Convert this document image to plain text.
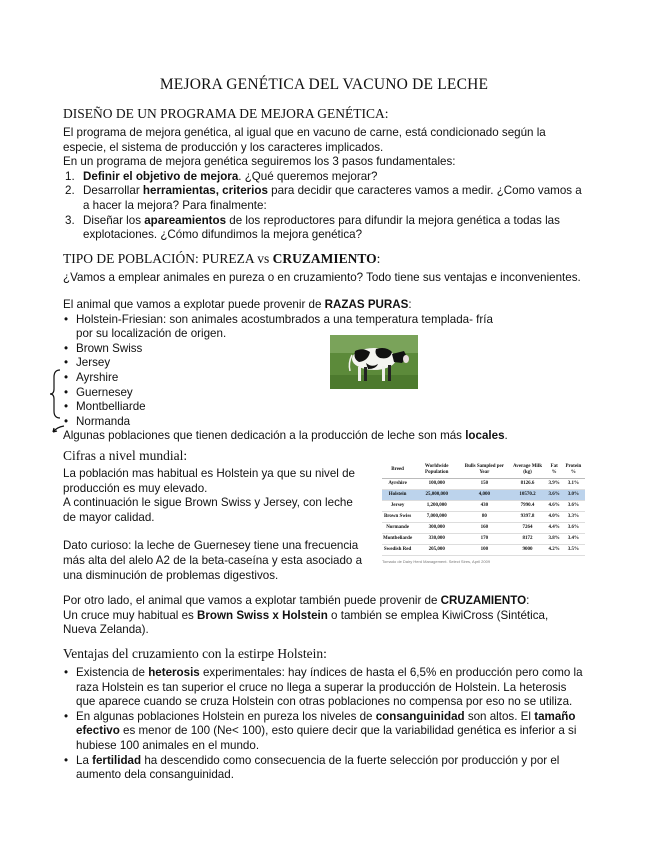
MEJORA GENÉTICA DEL VACUNO DE LECHE
DISEÑO DE UN PROGRAMA DE MEJORA GENÉTICA:

El programa de mejora genética, al igual que en vacuno de carne, está condicionado según la especie, el sistema de producción y los caracteres implicados.

En un programa de mejora genética seguiremos los 3 pasos fundamentales:

1. Definir el objetivo de mejora. ¿Qué queremos mejorar?
2. Desarrollar herramientas, criterios para decidir que caracteres vamos a medir. ¿Como vamos a a hacer la mejora? Para finalmente:
3. Diseñar los apareamientos de los reproductores para difundir la mejora genética a todas las explotaciones. ¿Cómo difundimos la mejora genética?
TIPO DE POBLACIÓN: PUREZA vs CRUZAMIENTO:
¿Vamos a emplear animales en pureza o en cruzamiento? Todo tiene sus ventajas e inconvenientes.

El animal que vamos a explotar puede provenir de RAZAS PURAS:

• Holstein-Friesian: son animales acostumbrados a una temperatura templada- fría por su localización de origen.
• Brown Swiss
• Jersey
• Ayrshire
• Guernesey
• Montbelliarde
• Normanda

Algunas poblaciones que tienen dedicación a la producción de leche son más locales.

Cifras a nivel mundial:

La población mas habitual es Holstein ya que su nivel de producción es muy elevado.

A continuación le sigue Brown Swiss y Jersey, con leche de mayor calidad.

Dato curioso: la leche de Guernesey tiene una frecuencia más alta del alelo A2 de la beta-caseína y esta asociado a una disminución de problemas digestivos.

Breed	Worldwide Population	Bulls Sampled per Year	Average Milk (kg)	Fat %	Protein %
Ayrshire	100,000	150	8126.6	3.9%	3.1%
Holstein	25,000,000	4,000	10570.2	3.6%	3.0%
Jersey	1,200,000	430	7990.4	4.6%	3.6%
Brown Swiss	7,000,000	80	9397.8	4.0%	3.3%
Normande	300,000	160	7264	4.4%	3.6%
Montbeliarde	330,000	170	8172	3.8%	3.4%
Swedish Red	205,000	100	9000	4.2%	3.5%
Tomado de Dairy Herd Management. Select Sires, April 2009

Por otro lado, el animal que vamos a explotar también puede provenir de CRUZAMIENTO:

Un cruce muy habitual es Brown Swiss x Holstein o también se emplea KiwiCross (Sintética, Nueva Zelanda).

Ventajas del cruzamiento con la estirpe Holstein:
• Existencia de heterosis experimentales: hay índices de hasta el 6,5% en producción pero como la raza Holstein es tan superior el cruce no llega a superar la producción de Holstein. La heterosis que aparece cuando se cruza Holstein con otras poblaciones no compensa por eso no se utiliza.
• En algunas poblaciones Holstein en pureza los niveles de consanguinidad son altos. El tamaño efectivo es menor de 100 (Ne< 100), esto quiere decir que la variabilidad genética es inferior a si hubiese 100 animales en el mundo.
• La fertilidad ha descendido como consecuencia de la fuerte selección por producción y por el aumento dela consanguinidad.
